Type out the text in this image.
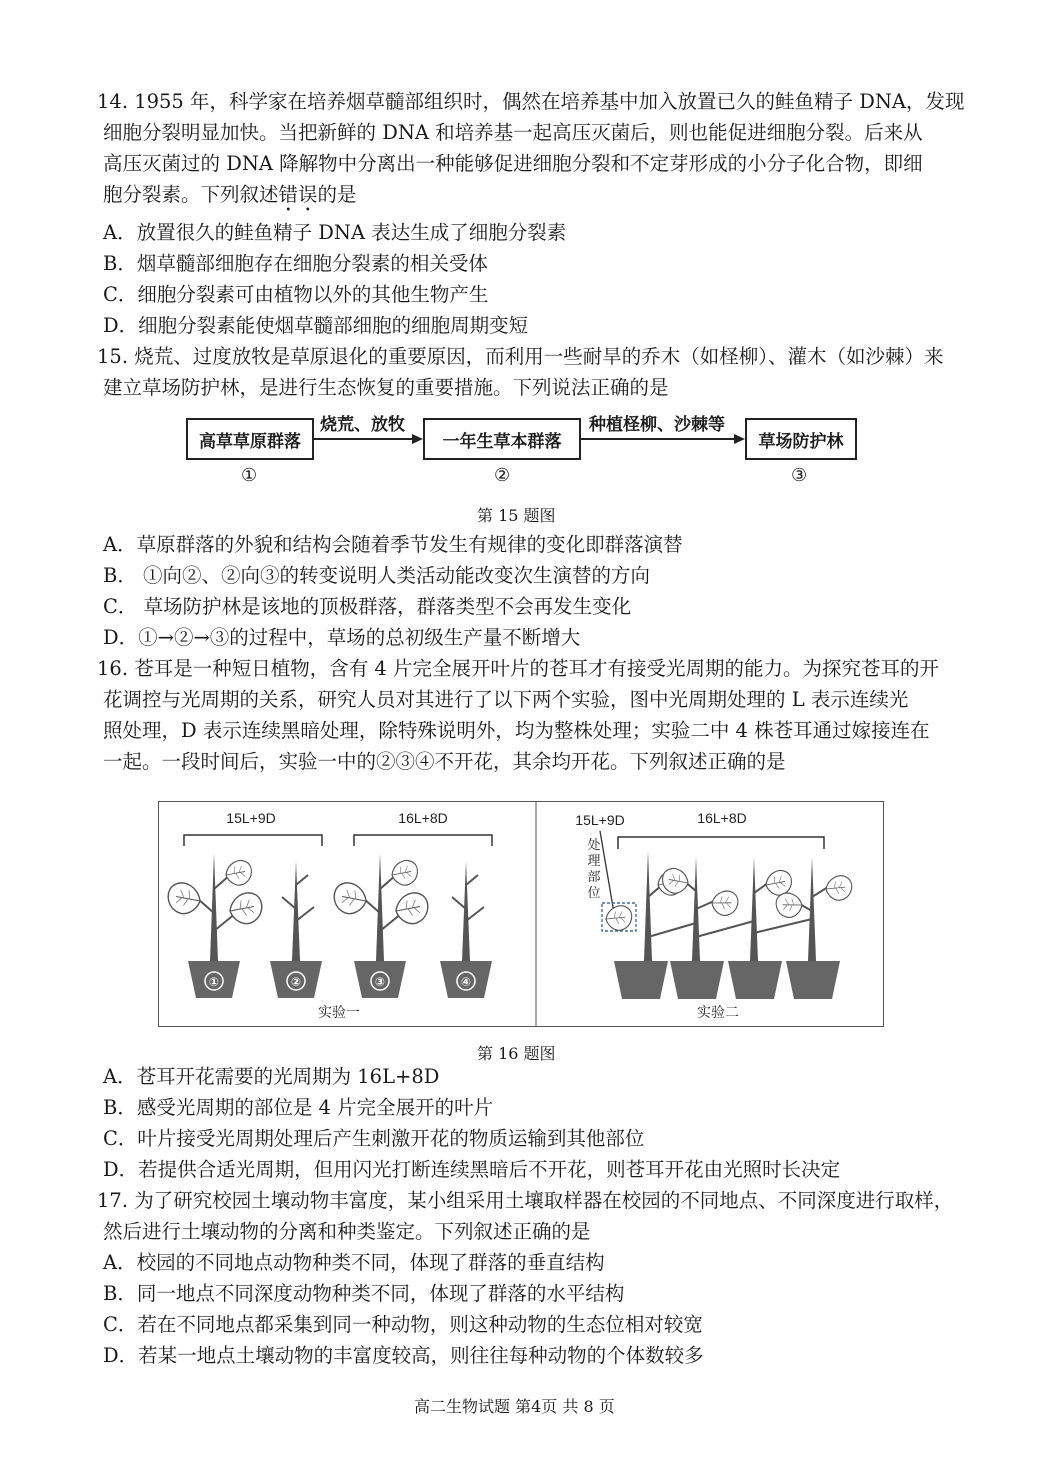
14. 1955 年，科学家在培养烟草髓部组织时，偶然在培养基中加入放置已久的鲑鱼精子 DNA，发现
细胞分裂明显加快。当把新鲜的 DNA 和培养基一起高压灭菌后，则也能促进细胞分裂。后来从
高压灭菌过的 DNA 降解物中分离出一种能够促进细胞分裂和不定芽形成的小分子化合物，即细
胞分裂素。下列叙述错误的是
A．放置很久的鲑鱼精子 DNA 表达生成了细胞分裂素
B．烟草髓部细胞存在细胞分裂素的相关受体
C．细胞分裂素可由植物以外的其他生物产生
D．细胞分裂素能使烟草髓部细胞的细胞周期变短
15. 烧荒、过度放牧是草原退化的重要原因，而利用一些耐旱的乔木（如柽柳）、灌木（如沙棘）来
建立草场防护林，是进行生态恢复的重要措施。下列说法正确的是
高草草原群落	一年生草本群落	草场防护林
烧荒、放牧	种植柽柳、沙棘等
①	②	③
第 15 题图
A．草原群落的外貌和结构会随着季节发生有规律的变化即群落演替
B． ①向②、②向③的转变说明人类活动能改变次生演替的方向
C． 草场防护林是该地的顶极群落，群落类型不会再发生变化
D．①→②→③的过程中，草场的总初级生产量不断增大
16. 苍耳是一种短日植物，含有 4 片完全展开叶片的苍耳才有接受光周期的能力。为探究苍耳的开
花调控与光周期的关系，研究人员对其进行了以下两个实验，图中光周期处理的 L 表示连续光
照处理，D 表示连续黑暗处理，除特殊说明外，均为整株处理；实验二中 4 株苍耳通过嫁接连在
一起。一段时间后，实验一中的②③④不开花，其余均开花。下列叙述正确的是
15L+9D	16L+8D
①	②	③	④
实验一
15L+9D	16L+8D
处
理
部
位
实验二
第 16 题图
A．苍耳开花需要的光周期为 16L+8D
B．感受光周期的部位是 4 片完全展开的叶片
C．叶片接受光周期处理后产生刺激开花的物质运输到其他部位
D．若提供合适光周期，但用闪光打断连续黑暗后不开花，则苍耳开花由光照时长决定
17. 为了研究校园土壤动物丰富度，某小组采用土壤取样器在校园的不同地点、不同深度进行取样，
然后进行土壤动物的分离和种类鉴定。下列叙述正确的是
A．校园的不同地点动物种类不同，体现了群落的垂直结构
B．同一地点不同深度动物种类不同，体现了群落的水平结构
C．若在不同地点都采集到同一种动物，则这种动物的生态位相对较宽
D．若某一地点土壤动物的丰富度较高，则往往每种动物的个体数较多
高二生物试题 第4页 共 8 页
